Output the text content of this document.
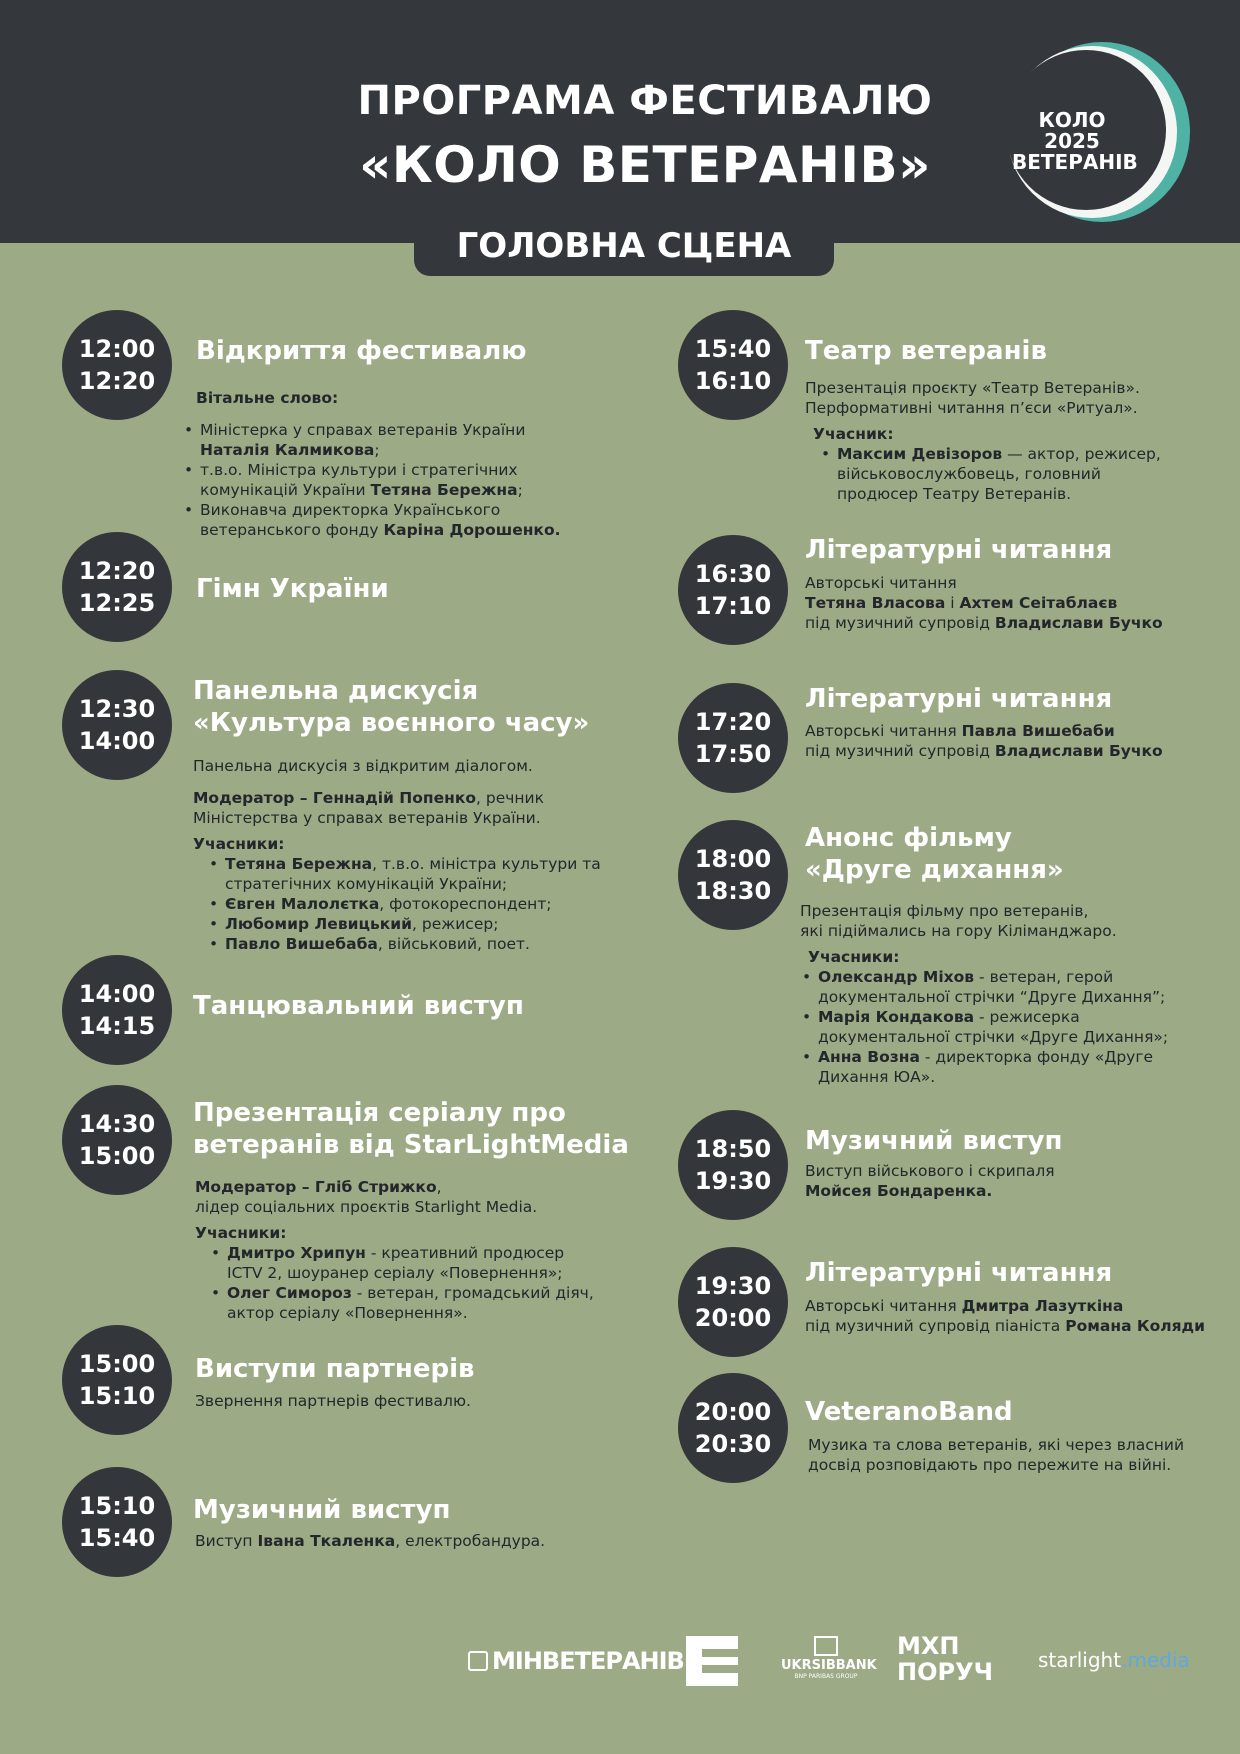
ПРОГРАМА ФЕСТИВАЛЮ
«КОЛО ВЕТЕРАНІВ»
КОЛО 2025
ВЕТЕРАНІВ
ГОЛОВНА СЦЕНА
12:00
12:20
Відкриття фестивалю

Вітальне слово:

• Міністерка у справах ветеранів України
Наталія Калмикова;
• т.в.о. Міністра культури і стратегічних
комунікацій України Тетяна Бережна;
• Виконавча директорка Українського
ветеранського фонду Каріна Дорошенко.
12:20
12:25	Гімн України
12:30
14:00
Панельна дискусія
«Культура воєнного часу»

Панельна дискусія з відкритим діалогом.

Модератор – Геннадій Попенко, речник

Міністерства у справах ветеранів України.

Учасники:

• Тетяна Бережна, т.в.о. міністра культури та
стратегічних комунікацій України;
• Євген Малолєтка, фотокореспондент;
• Любомир Левицький, режисер;
• Павло Вишебаба, військовий, поет.
14:00
14:15
Танцювальний виступ
14:30
15:00
Презентація серіалу про
ветеранів від StarLightMedia

Модератор – Гліб Стрижко,

лідер соціальних проєктів Starlight Media.

Учасники:

• Дмитро Хрипун - креативний продюсер
ICTV 2, шоуранер серіалу «Повернення»;
• Олег Симороз - ветеран, громадський діяч,
актор серіалу «Повернення».
15:00
15:10
Виступи партнерів
Звернення партнерів фестивалю.
15:10
15:40
Музичний виступ
Виступ Івана Ткаленка, електробандура.
15:40
16:10
Театр ветеранів

Презентація проєкту «Театр Ветеранів».

Перформативні читання п’єси «Ритуал».

Учасник:

• Максим Девізоров — актор, режисер,
військовослужбовець, головний
продюсер Театру Ветеранів.
16:30
17:10
Літературні читання

Авторські читання

Тетяна Власова і Ахтем Сеітаблаєв

під музичний супровід Владислави Бучко

17:20
17:50
Літературні читання

Авторські читання Павла Вишебаби

під музичний супровід Владислави Бучко

18:00
18:30
Анонс фільму
«Друге дихання»

Презентація фільму про ветеранів,

які підіймались на гору Кіліманджаро.

Учасники:

• Олександр Міхов - ветеран, герой
документальної стрічки “Друге Дихання”;
• Марія Кондакова - режисерка
документальної стрічки «Друге Дихання»;
• Анна Возна - директорка фонду «Друге
Дихання ЮА».
18:50
19:30
Музичний виступ

Виступ військового і скрипаля

Мойсея Бондаренка.

19:30
20:00
Літературні читання

Авторські читання Дмитра Лазуткіна

під музичний супровід піаніста Романа Коляди

20:00
20:30
VeteranoBand

Музика та слова ветеранів, які через власний

досвід розповідають про пережите на війні.

МІНВЕТЕРАНІВ	UKRSIBBANK
BNP PARIBAS GROUP
МХП
ПОРУЧ starlight.media
